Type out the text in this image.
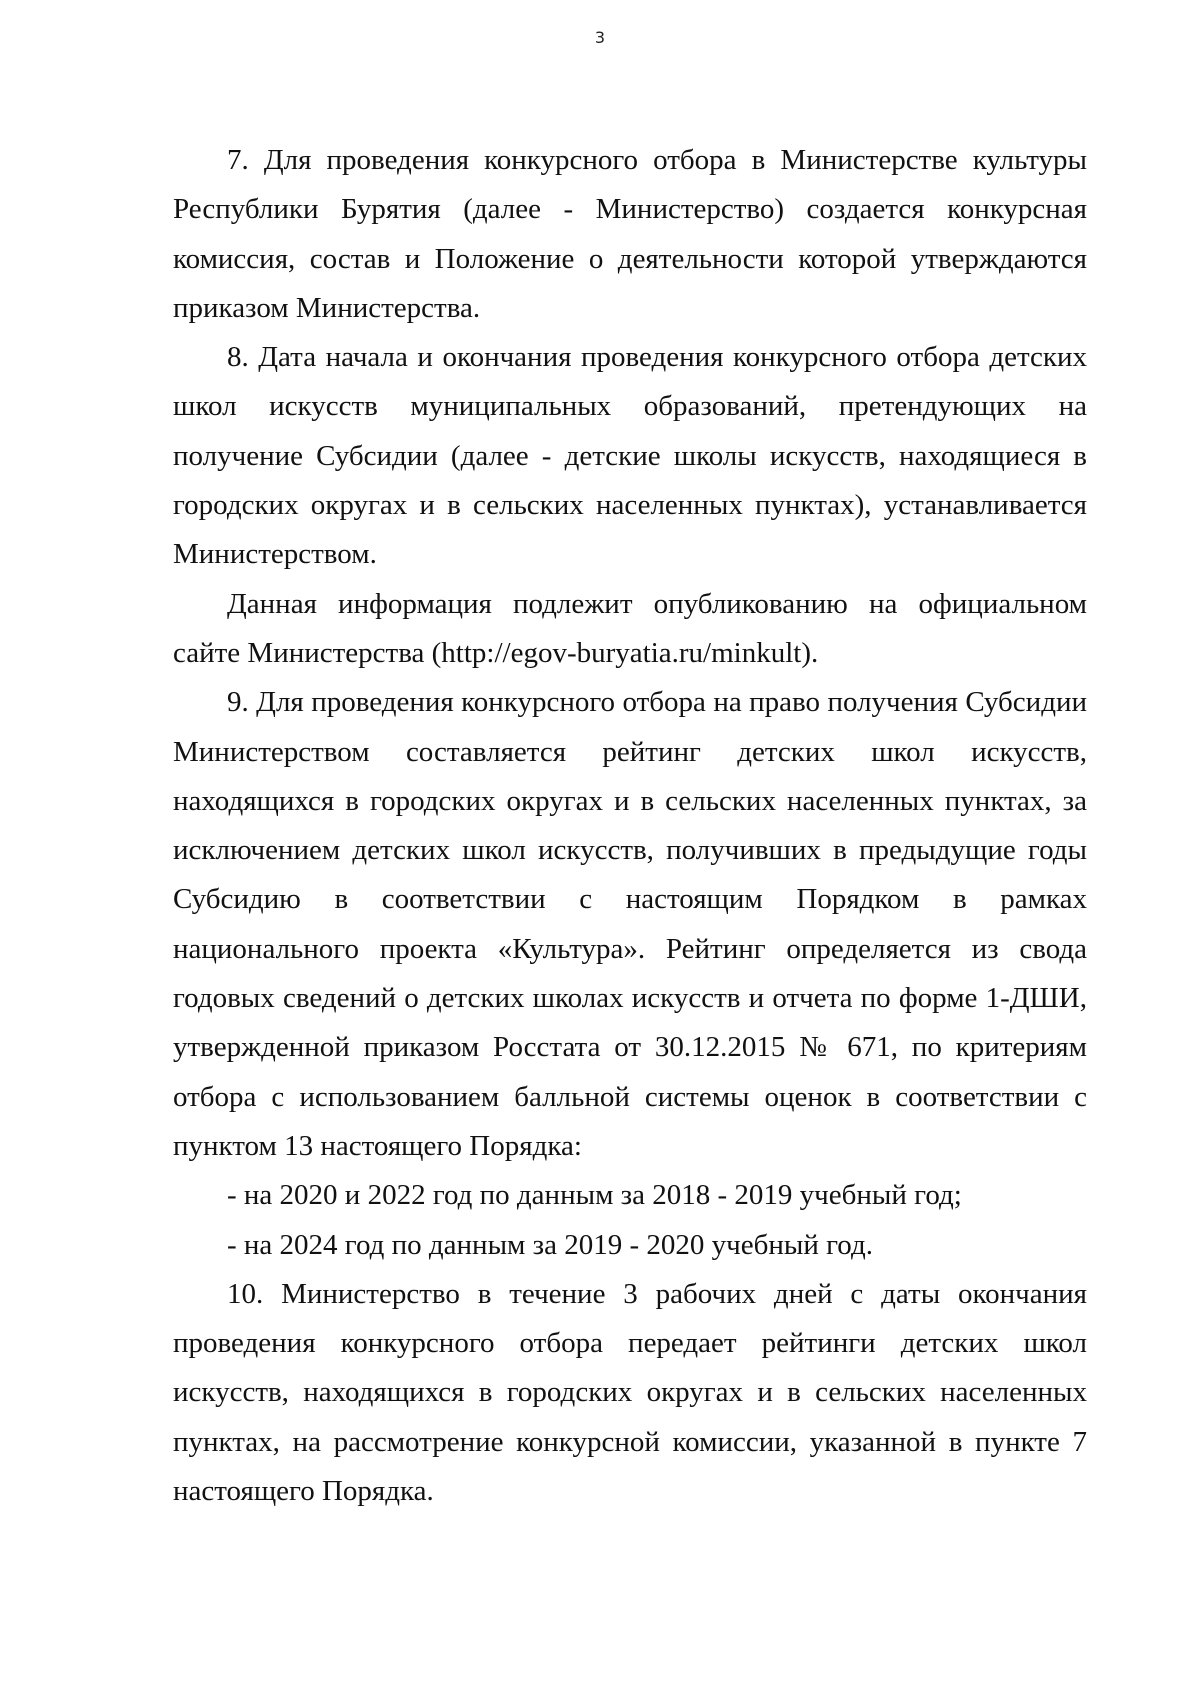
3

7. Для проведения конкурсного отбора в Министерстве культуры Республики Бурятия (далее - Министерство) создается конкурсная комиссия, состав и Положение о деятельности которой утверждаются приказом Министерства.

8. Дата начала и окончания проведения конкурсного отбора детских школ искусств муниципальных образований, претендующих на получение Субсидии (далее - детские школы искусств, находящиеся в городских округах и в сельских населенных пунктах), устанавливается Министерством.

Данная информация подлежит опубликованию на официальном сайте Министерства (http://egov-buryatia.ru/minkult).

9. Для проведения конкурсного отбора на право получения Субсидии Министерством составляется рейтинг детских школ искусств, находящихся в городских округах и в сельских населенных пунктах, за исключением детских школ искусств, получивших в предыдущие годы Субсидию в соответствии с настоящим Порядком в рамках национального проекта «Культура». Рейтинг определяется из свода годовых сведений о детских школах искусств и отчета по форме 1-ДШИ, утвержденной приказом Росстата от 30.12.2015 № 671, по критериям отбора с использованием балльной системы оценок в соответствии с пунктом 13 настоящего Порядка:

- на 2020 и 2022 год по данным за 2018 - 2019 учебный год;

- на 2024 год по данным за 2019 - 2020 учебный год.

10. Министерство в течение 3 рабочих дней с даты окончания проведения конкурсного отбора передает рейтинги детских школ искусств, находящихся в городских округах и в сельских населенных пунктах, на рассмотрение конкурсной комиссии, указанной в пункте 7 настоящего Порядка.
